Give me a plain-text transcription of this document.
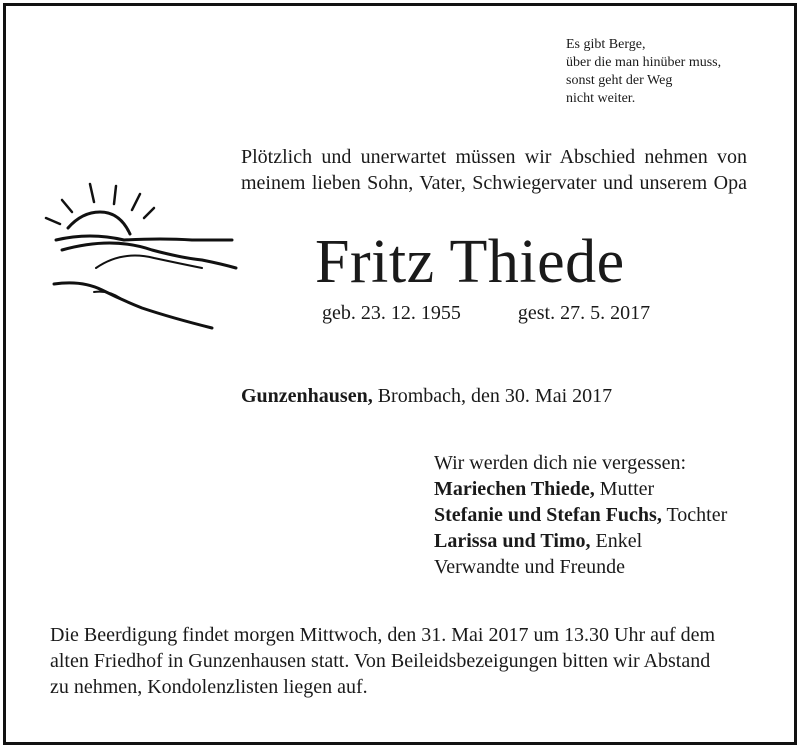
Es gibt Berge,
über die man hinüber muss,
sonst geht der Weg
nicht weiter.
Plötzlich und unerwartet müssen wir Abschied nehmen von
meinem lieben Sohn, Vater, Schwiegervater und unserem Opa
Fritz Thiede
geb. 23. 12. 1955	gest. 27. 5. 2017
Gunzenhausen, Brombach, den 30. Mai 2017
Wir werden dich nie vergessen:
Mariechen Thiede, Mutter
Stefanie und Stefan Fuchs, Tochter
Larissa und Timo, Enkel
Verwandte und Freunde
Die Beerdigung findet morgen Mittwoch, den 31. Mai 2017 um 13.30 Uhr auf dem
alten Friedhof in Gunzenhausen statt. Von Beileidsbezeigungen bitten wir Abstand
zu nehmen, Kondolenzlisten liegen auf.
